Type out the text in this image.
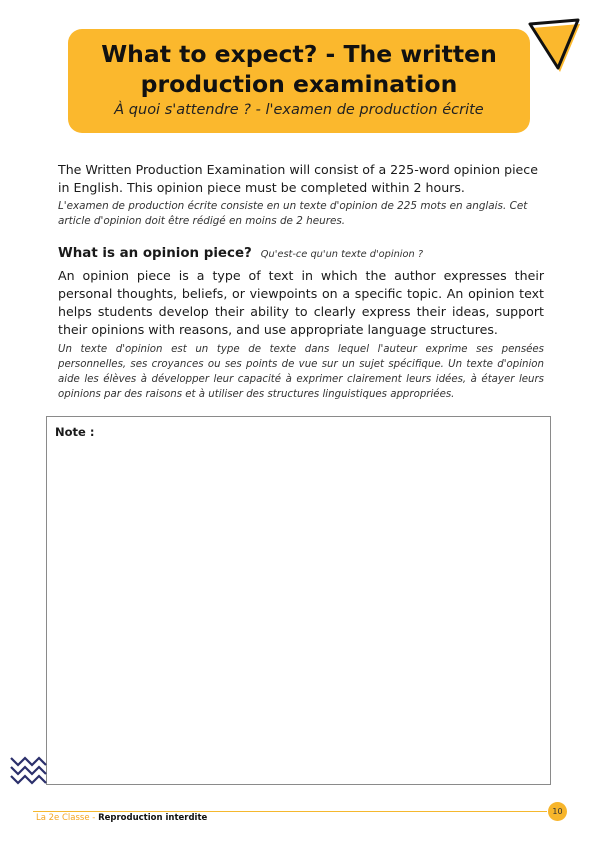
What to expect? - The written production examination
À quoi s'attendre ? - l'examen de production écrite
The Written Production Examination will consist of a 225-word opinion piece in English. This opinion piece must be completed within 2 hours.
L'examen de production écrite consiste en un texte d'opinion de 225 mots en anglais. Cet article d'opinion doit être rédigé en moins de 2 heures.
What is an opinion piece? Qu'est-ce qu'un texte d'opinion ?
An opinion piece is a type of text in which the author expresses their personal thoughts, beliefs, or viewpoints on a specific topic. An opinion text helps students develop their ability to clearly express their ideas, support their opinions with reasons, and use appropriate language structures.
Un texte d'opinion est un type de texte dans lequel l'auteur exprime ses pensées personnelles, ses croyances ou ses points de vue sur un sujet spécifique. Un texte d'opinion aide les élèves à développer leur capacité à exprimer clairement leurs idées, à étayer leurs opinions par des raisons et à utiliser des structures linguistiques appropriées.
Note :
La 2e Classe - Reproduction interdite
10
